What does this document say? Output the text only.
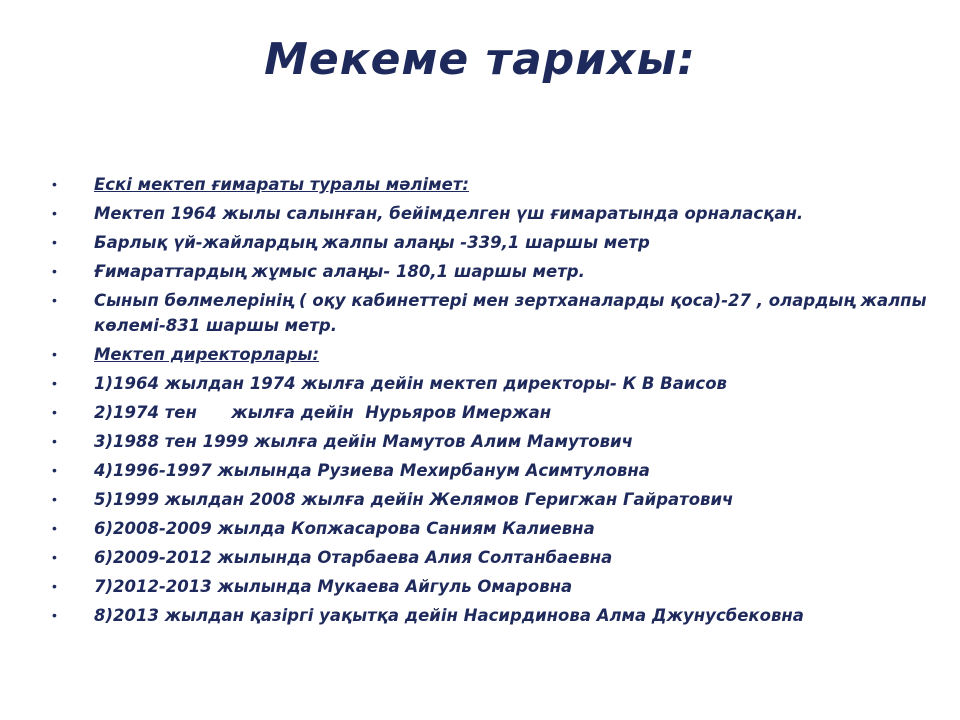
Мекеме тарихы:
•	Ескі мектеп ғимараты туралы мәлімет:
•	Мектеп 1964 жылы салынған, бейімделген үш ғимаратында орналасқан.
•	Барлық үй-жайлардың жалпы алаңы -339,1 шаршы метр
•	Ғимараттардың жұмыс алаңы- 180,1 шаршы метр.
•	Сынып бөлмелерінің ( оқу кабинеттері мен зертханаларды қоса)-27 , олардың жалпы көлемі-831 шаршы метр.
•	Мектеп директорлары:
•	1)1964 жылдан 1974 жылға дейін мектеп директоры- К В Ваисов
•	2)1974 тен      жылға дейін  Нурьяров Имержан
•	3)1988 тен 1999 жылға дейін Мамутов Алим Мамутович
•	4)1996-1997 жылында Рузиева Мехирбанум Асимтуловна
•	5)1999 жылдан 2008 жылға дейін Желямов Геригжан Гайратович
•	6)2008-2009 жылда Копжасарова Саниям Калиевна
•	6)2009-2012 жылында Отарбаева Алия Солтанбаевна
•	7)2012-2013 жылында Мукаева Айгуль Омаровна
•	8)2013 жылдан қазіргі уақытқа дейін Насирдинова Алма Джунусбековна
